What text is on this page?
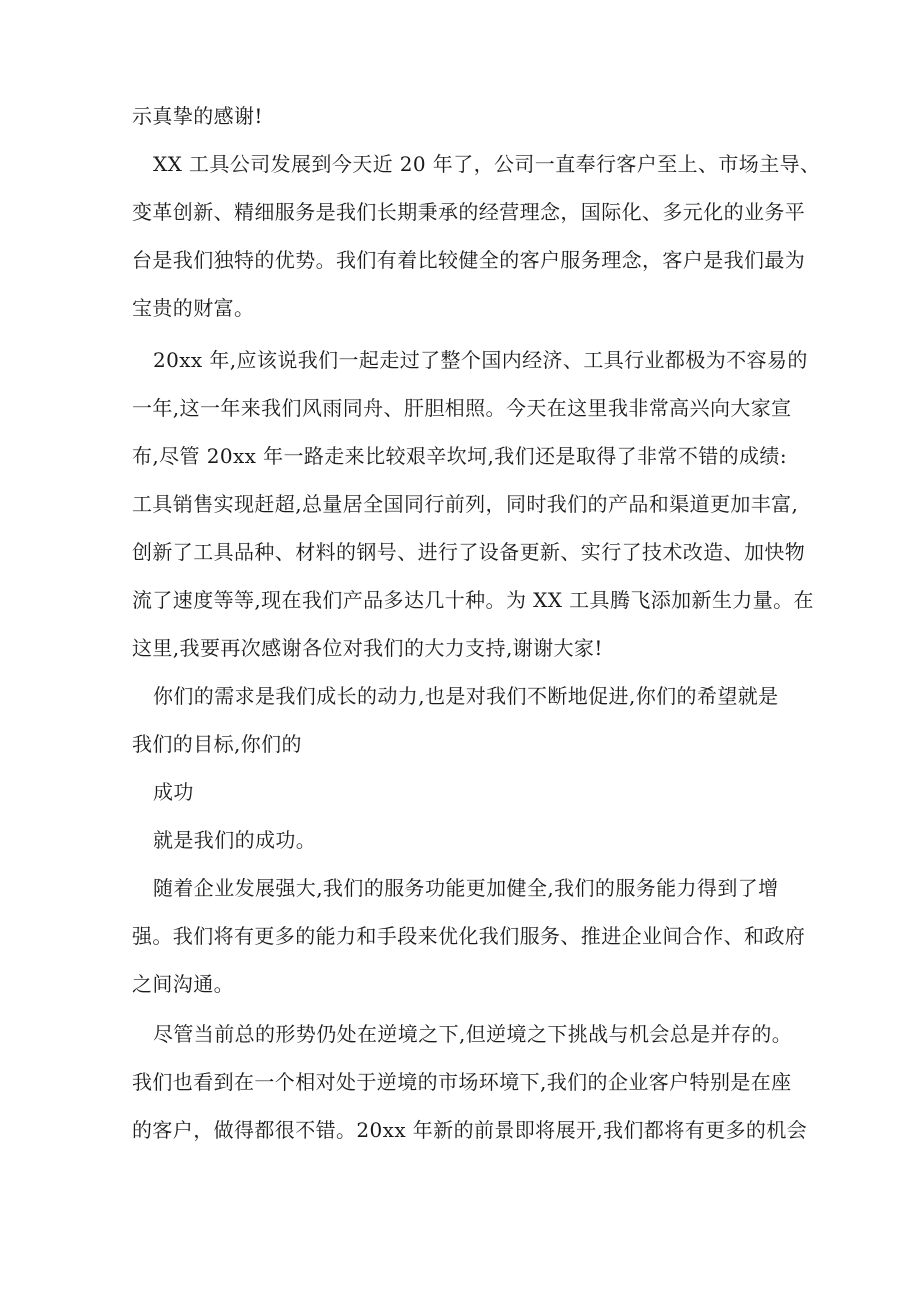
示真挚的感谢!
XX 工具公司发展到今天近 20 年了，公司一直奉行客户至上、市场主导、
变革创新、精细服务是我们长期秉承的经营理念，国际化、多元化的业务平
台是我们独特的优势。我们有着比较健全的客户服务理念，客户是我们最为
宝贵的财富。
20xx 年,应该说我们一起走过了整个国内经济、工具行业都极为不容易的
一年,这一年来我们风雨同舟、肝胆相照。今天在这里我非常高兴向大家宣
布,尽管 20xx 年一路走来比较艰辛坎坷,我们还是取得了非常不错的成绩:
工具销售实现赶超,总量居全国同行前列，同时我们的产品和渠道更加丰富,
创新了工具品种、材料的钢号、进行了设备更新、实行了技术改造、加快物
流了速度等等,现在我们产品多达几十种。为 XX 工具腾飞添加新生力量。在
这里,我要再次感谢各位对我们的大力支持,谢谢大家!
你们的需求是我们成长的动力,也是对我们不断地促进,你们的希望就是
我们的目标,你们的
成功
就是我们的成功。
随着企业发展强大,我们的服务功能更加健全,我们的服务能力得到了增
强。我们将有更多的能力和手段来优化我们服务、推进企业间合作、和政府
之间沟通。
尽管当前总的形势仍处在逆境之下,但逆境之下挑战与机会总是并存的。
我们也看到在一个相对处于逆境的市场环境下,我们的企业客户特别是在座
的客户，做得都很不错。20xx 年新的前景即将展开,我们都将有更多的机会
